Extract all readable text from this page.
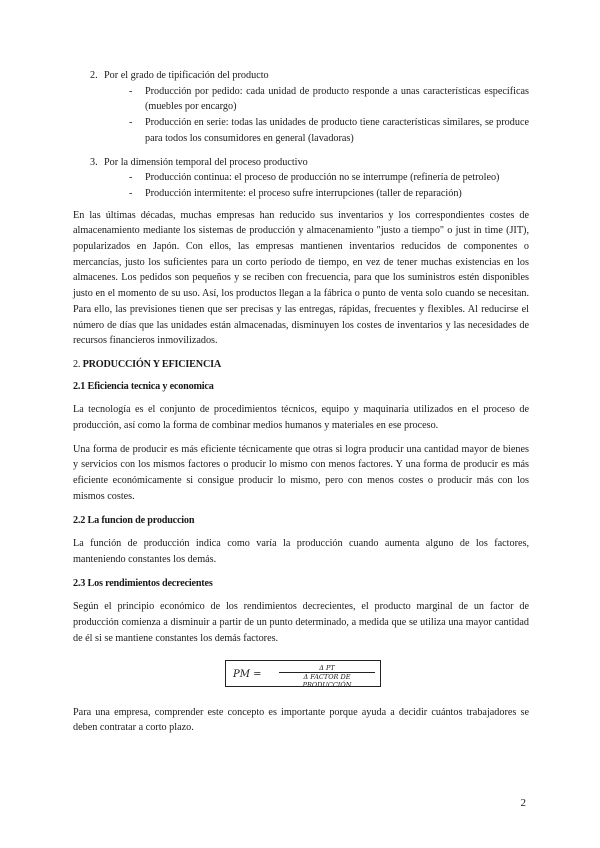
2. Por el grado de tipificación del producto
- Producción por pedido: cada unidad de producto responde a unas características específicas (muebles por encargo)
- Producción en serie: todas las unidades de producto tiene características similares, se produce para todos los consumidores en general (lavadoras)
3. Por la dimensión temporal del proceso productivo
- Producción continua: el proceso de producción no se interrumpe (refinería de petroleo)
- Producción intermitente: el proceso sufre interrupciones (taller de reparación)

En las últimas décadas, muchas empresas han reducido sus inventarios y los correspondientes costes de almacenamiento mediante los sistemas de producción y almacenamiento "justo a tiempo" o just in time (JIT), popularizados en Japón. Con ellos, las empresas mantienen inventarios reducidos de componentes o mercancías, justo los suficientes para un corto período de tiempo, en vez de tener muchas existencias en los almacenes. Los pedidos son pequeños y se reciben con frecuencia, para que los suministros estén disponibles justo en el momento de su uso. Así, los productos llegan a la fábrica o punto de venta solo cuando se necesitan. Para ello, las previsiones tienen que ser precisas y las entregas, rápidas, frecuentes y flexibles. Al reducirse el número de días que las unidades están almacenadas, disminuyen los costes de inventarios y las necesidades de recursos financieros inmovilizados.

2. PRODUCCIÓN Y EFICIENCIA
2.1 Eficiencia tecnica y economica

La tecnología es el conjunto de procedimientos técnicos, equipo y maquinaria utilizados en el proceso de producción, así como la forma de combinar medios humanos y materiales en ese proceso.

Una forma de producir es más eficiente técnicamente que otras si logra producir una cantidad mayor de bienes y servicios con los mismos factores o producir lo mismo con menos factores. Y una forma de producir es más eficiente económicamente si consigue producir lo mismo, pero con menos costes o producir más con los mismos costes.

2.2 La funcion de produccion

La función de producción indica como varía la producción cuando aumenta alguno de los factores, manteniendo constantes los demás.

2.3 Los rendimientos decrecientes

Según el principio económico de los rendimientos decrecientes, el producto marginal de un factor de producción comienza a disminuir a partir de un punto determinado, a medida que se utiliza una mayor cantidad de él si se mantiene constantes los demás factores.

PM =
Δ PT
Δ FACTOR DE PRODUCCIÓN

Para una empresa, comprender este concepto es importante porque ayuda a decidir cuántos trabajadores se deben contratar a corto plazo.

2
